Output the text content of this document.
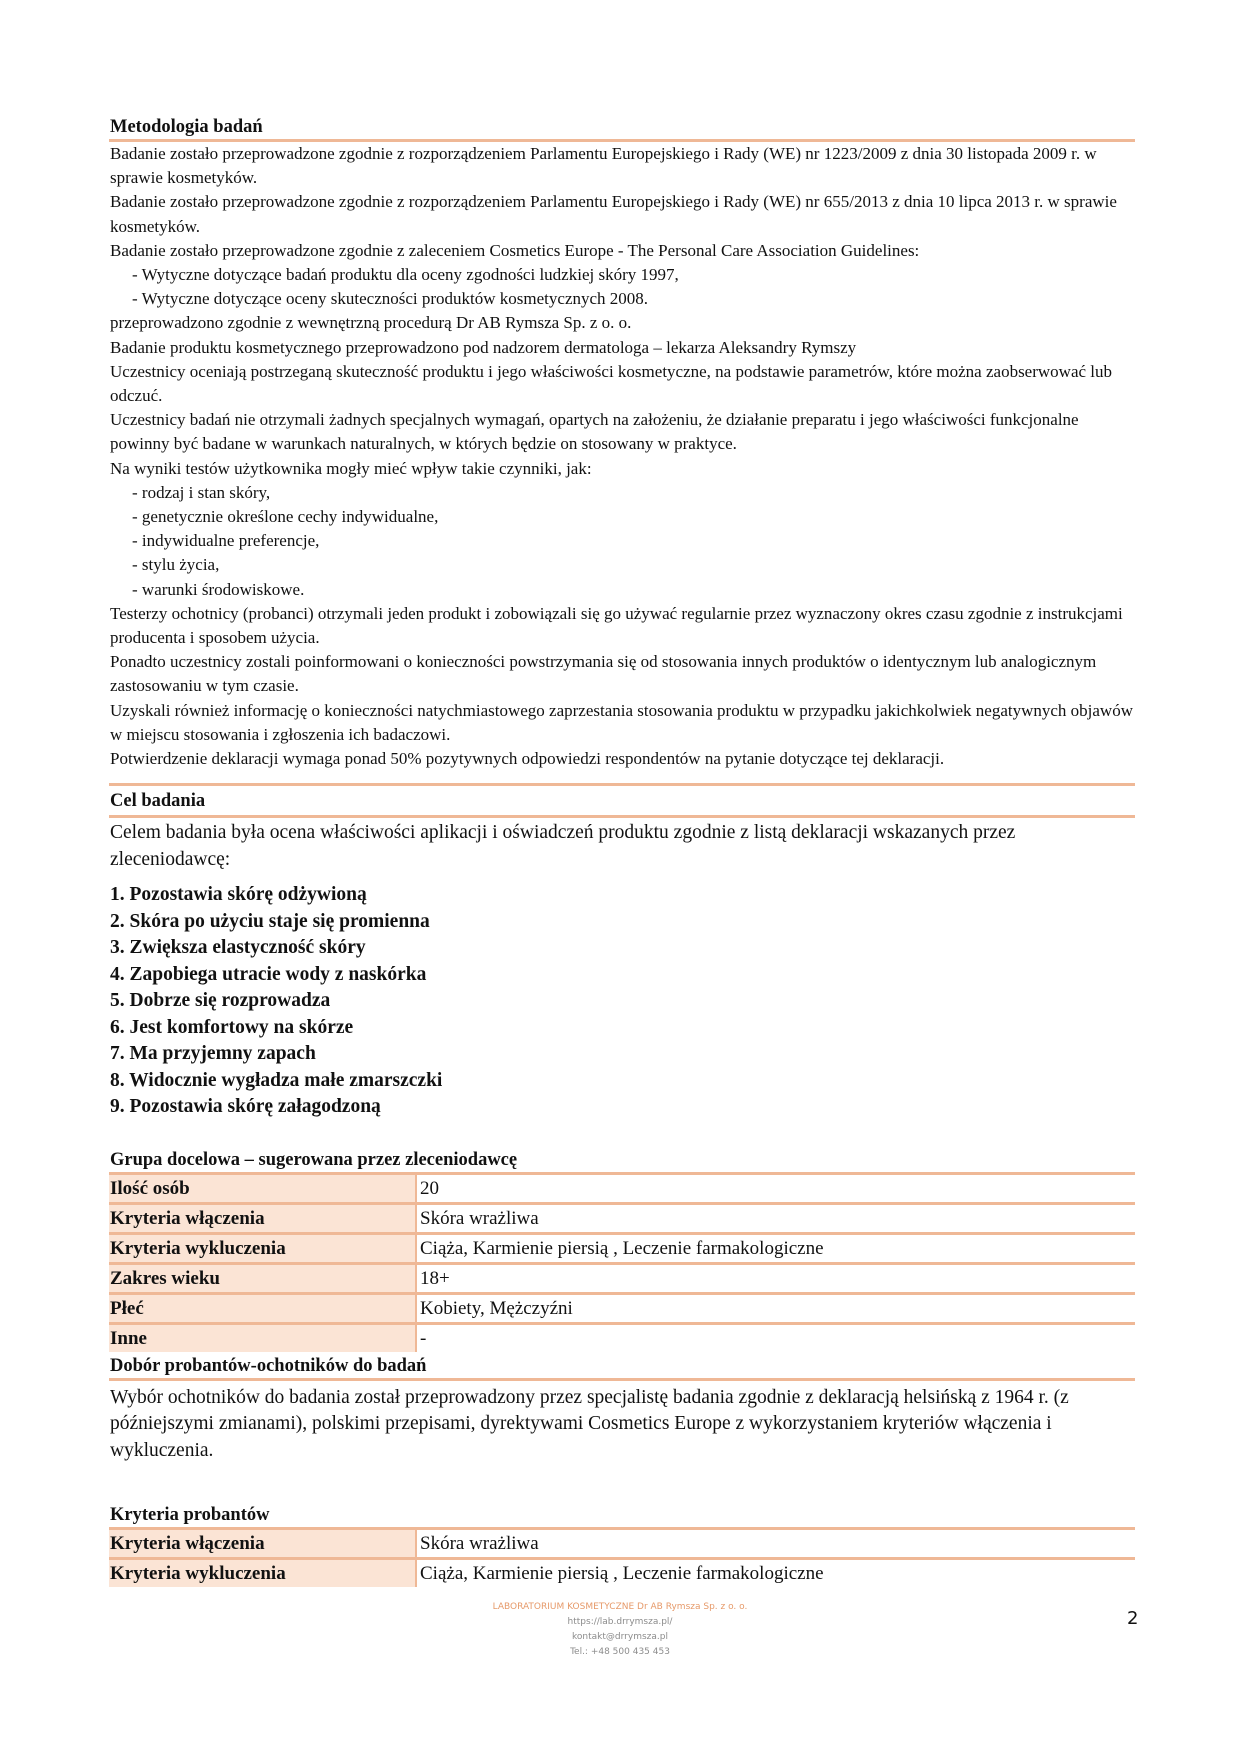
Metodologia badań

Badanie zostało przeprowadzone zgodnie z rozporządzeniem Parlamentu Europejskiego i Rady (WE) nr 1223/2009 z dnia 30 listopada 2009 r. w sprawie kosmetyków.

Badanie zostało przeprowadzone zgodnie z rozporządzeniem Parlamentu Europejskiego i Rady (WE) nr 655/2013 z dnia 10 lipca 2013 r. w sprawie kosmetyków.

Badanie zostało przeprowadzone zgodnie z zaleceniem Cosmetics Europe - The Personal Care Association Guidelines:

- Wytyczne dotyczące badań produktu dla oceny zgodności ludzkiej skóry 1997,
- Wytyczne dotyczące oceny skuteczności produktów kosmetycznych 2008.

przeprowadzono zgodnie z wewnętrzną procedurą Dr AB Rymsza Sp. z o. o.

Badanie produktu kosmetycznego przeprowadzono pod nadzorem dermatologa – lekarza Aleksandry Rymszy

Uczestnicy oceniają postrzeganą skuteczność produktu i jego właściwości kosmetyczne, na podstawie parametrów, które można zaobserwować lub odczuć.

Uczestnicy badań nie otrzymali żadnych specjalnych wymagań, opartych na założeniu, że działanie preparatu i jego właściwości funkcjonalne powinny być badane w warunkach naturalnych, w których będzie on stosowany w praktyce.

Na wyniki testów użytkownika mogły mieć wpływ takie czynniki, jak:

- rodzaj i stan skóry,
- genetycznie określone cechy indywidualne,
- indywidualne preferencje,
- stylu życia,
- warunki środowiskowe.

Testerzy ochotnicy (probanci) otrzymali jeden produkt i zobowiązali się go używać regularnie przez wyznaczony okres czasu zgodnie z instrukcjami producenta i sposobem użycia.

Ponadto uczestnicy zostali poinformowani o konieczności powstrzymania się od stosowania innych produktów o identycznym lub analogicznym zastosowaniu w tym czasie.

Uzyskali również informację o konieczności natychmiastowego zaprzestania stosowania produktu w przypadku jakichkolwiek negatywnych objawów w miejscu stosowania i zgłoszenia ich badaczowi.

Potwierdzenie deklaracji wymaga ponad 50% pozytywnych odpowiedzi respondentów na pytanie dotyczące tej deklaracji.

Cel badania

Celem badania była ocena właściwości aplikacji i oświadczeń produktu zgodnie z listą deklaracji wskazanych przez zleceniodawcę:

1. Pozostawia skórę odżywioną
2. Skóra po użyciu staje się promienna
3. Zwiększa elastyczność skóry
4. Zapobiega utracie wody z naskórka
5. Dobrze się rozprowadza
6. Jest komfortowy na skórze
7. Ma przyjemny zapach
8. Widocznie wygładza małe zmarszczki
9. Pozostawia skórę załagodzoną
Grupa docelowa – sugerowana przez zleceniodawcę
Ilość osób	20
Kryteria włączenia	Skóra wrażliwa
Kryteria wykluczenia	Ciąża, Karmienie piersią , Leczenie farmakologiczne
Zakres wieku	18+
Płeć	Kobiety, Mężczyźni
Inne	-
Dobór probantów-ochotników do badań

Wybór ochotników do badania został przeprowadzony przez specjalistę badania zgodnie z deklaracją helsińską z 1964 r. (z późniejszymi zmianami), polskimi przepisami, dyrektywami Cosmetics Europe z wykorzystaniem kryteriów włączenia i wykluczenia.

Kryteria probantów
Kryteria włączenia	Skóra wrażliwa
Kryteria wykluczenia	Ciąża, Karmienie piersią , Leczenie farmakologiczne
LABORATORIUM KOSMETYCZNE Dr AB Rymsza Sp. z o. o.
https://lab.drrymsza.pl/
kontakt@drrymsza.pl
Tel.: +48 500 435 453
2
